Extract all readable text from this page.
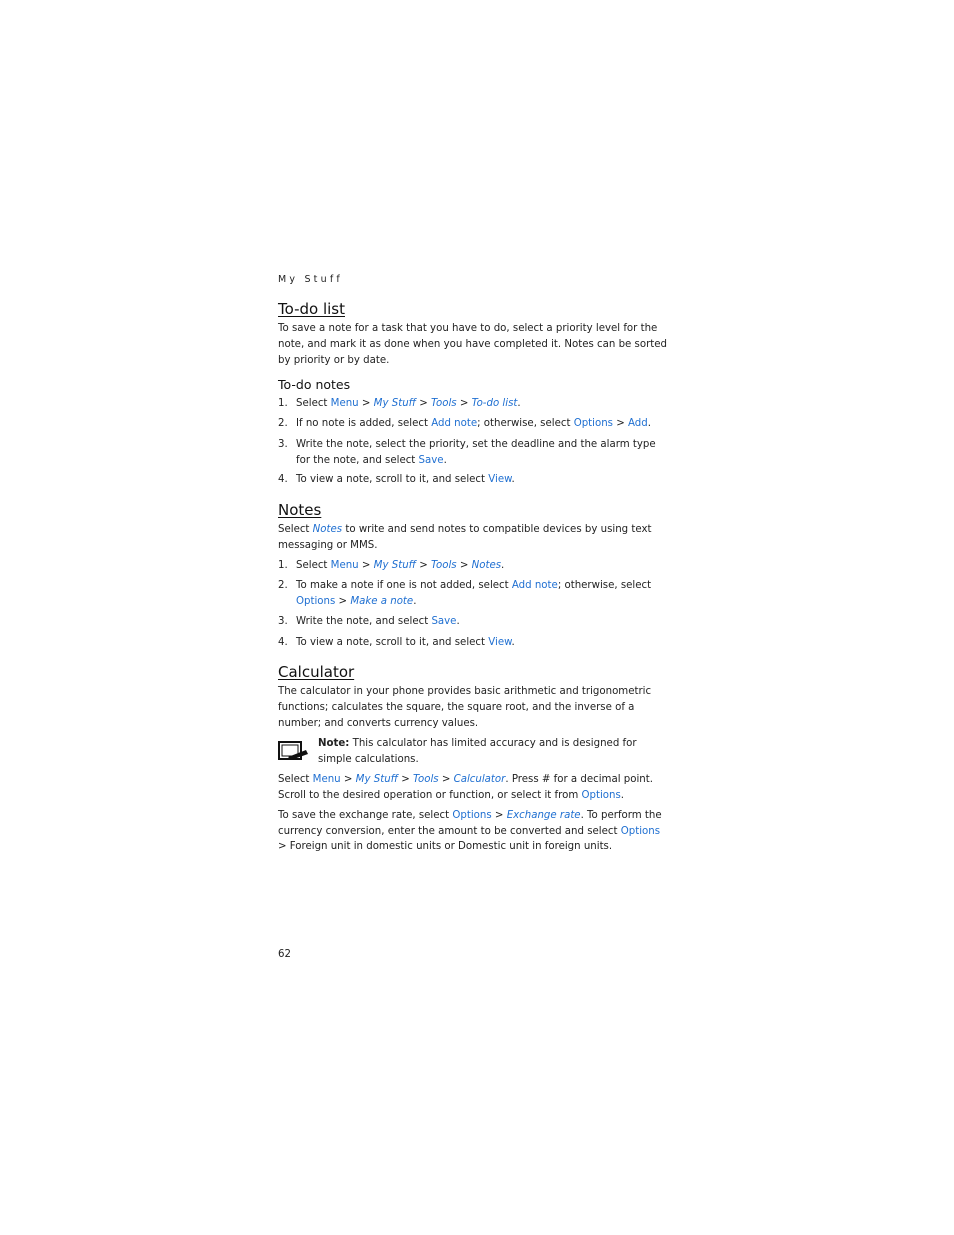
My Stuff
To-do list
To save a note for a task that you have to do, select a priority level for the note, and mark it as done when you have completed it. Notes can be sorted by priority or by date.
To-do notes
1. Select Menu > My Stuff > Tools > To-do list.
2. If no note is added, select Add note; otherwise, select Options > Add.
3. Write the note, select the priority, set the deadline and the alarm type for the note, and select Save.
4. To view a note, scroll to it, and select View.
Notes
Select Notes to write and send notes to compatible devices by using text messaging or MMS.
1. Select Menu > My Stuff > Tools > Notes.
2. To make a note if one is not added, select Add note; otherwise, select Options > Make a note.
3. Write the note, and select Save.
4. To view a note, scroll to it, and select View.
Calculator
The calculator in your phone provides basic arithmetic and trigonometric functions; calculates the square, the square root, and the inverse of a number; and converts currency values.
Note: This calculator has limited accuracy and is designed for simple calculations.
Select Menu > My Stuff > Tools > Calculator. Press # for a decimal point. Scroll to the desired operation or function, or select it from Options.
To save the exchange rate, select Options > Exchange rate. To perform the currency conversion, enter the amount to be converted and select Options > Foreign unit in domestic units or Domestic unit in foreign units.
62
